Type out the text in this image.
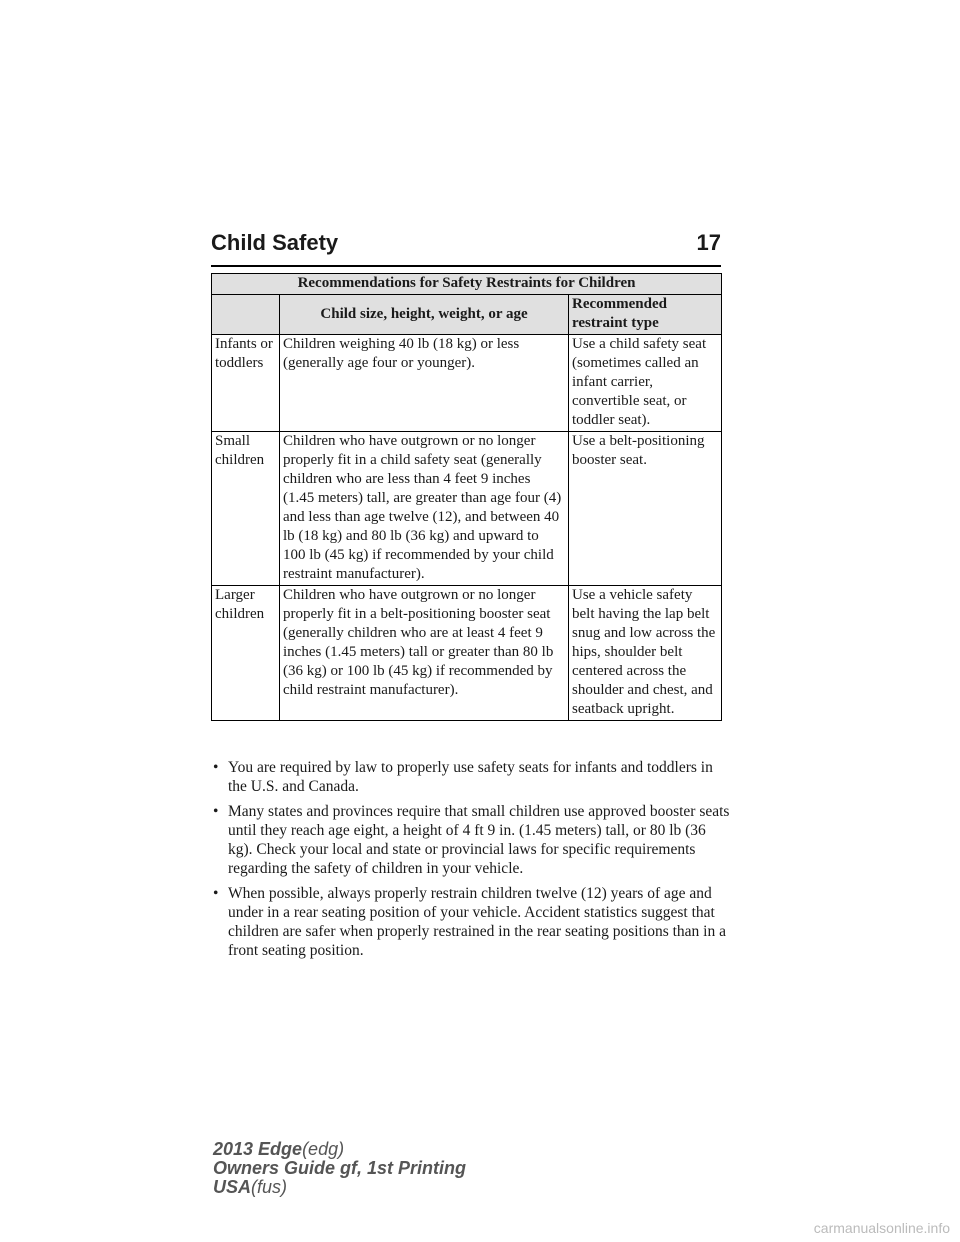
Child Safety	17
Recommendations for Safety Restraints for Children		
	Child size, height, weight, or age	Recommended restraint type
Infants or toddlers	Children weighing 40 lb (18 kg) or less (generally age four or younger).	Use a child safety seat (sometimes called an infant carrier, convertible seat, or toddler seat).
Small children	Children who have outgrown or no longer properly fit in a child safety seat (generally children who are less than 4 feet 9 inches (1.45 meters) tall, are greater than age four (4) and less than age twelve (12), and between 40 lb (18 kg) and 80 lb (36 kg) and upward to 100 lb (45 kg) if recommended by your child restraint manufacturer).	Use a belt-positioning booster seat.
Larger children	Children who have outgrown or no longer properly fit in a belt-positioning booster seat (generally children who are at least 4 feet 9 inches (1.45 meters) tall or greater than 80 lb (36 kg) or 100 lb (45 kg) if recommended by child restraint manufacturer).	Use a vehicle safety belt having the lap belt snug and low across the hips, shoulder belt centered across the shoulder and chest, and seatback upright.
• You are required by law to properly use safety seats for infants and toddlers in the U.S. and Canada.
• Many states and provinces require that small children use approved booster seats until they reach age eight, a height of 4 ft 9 in. (1.45 meters) tall, or 80 lb (36 kg). Check your local and state or provincial laws for specific requirements regarding the safety of children in your vehicle.
• When possible, always properly restrain children twelve (12) years of age and under in a rear seating position of your vehicle. Accident statistics suggest that children are safer when properly restrained in the rear seating positions than in a front seating position.
2013 Edge(edg)
Owners Guide gf, 1st Printing
USA(fus)
carmanualsonline.info
